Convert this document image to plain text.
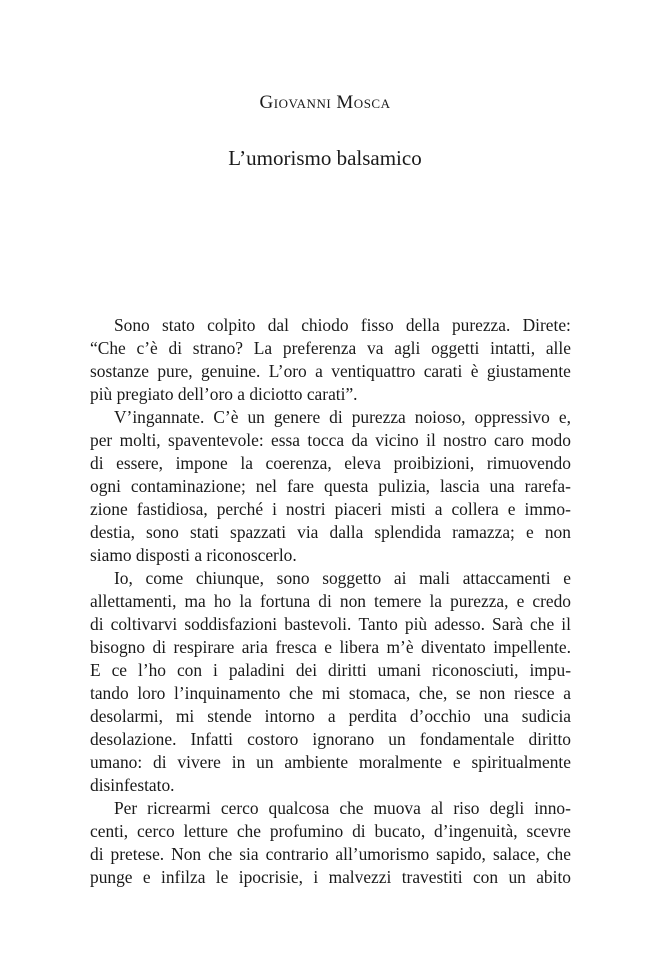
Giovanni Mosca
L’umorismo balsamico
Sono stato colpito dal chiodo fisso della purezza. Direte:
“Che c’è di strano? La preferenza va agli oggetti intatti, alle
sostanze pure, genuine. L’oro a ventiquattro carati è giustamente
più pregiato dell’oro a diciotto carati”.
V’ingannate. C’è un genere di purezza noioso, oppressivo e,
per molti, spaventevole: essa tocca da vicino il nostro caro modo
di essere, impone la coerenza, eleva proibizioni, rimuovendo
ogni contaminazione; nel fare questa pulizia, lascia una rarefa-
zione fastidiosa, perché i nostri piaceri misti a collera e immo-
destia, sono stati spazzati via dalla splendida ramazza; e non
siamo disposti a riconoscerlo.
Io, come chiunque, sono soggetto ai mali attaccamenti e
allettamenti, ma ho la fortuna di non temere la purezza, e credo
di coltivarvi soddisfazioni bastevoli. Tanto più adesso. Sarà che il
bisogno di respirare aria fresca e libera m’è diventato impellente.
E ce l’ho con i paladini dei diritti umani riconosciuti, impu-
tando loro l’inquinamento che mi stomaca, che, se non riesce a
desolarmi, mi stende intorno a perdita d’occhio una sudicia
desolazione. Infatti costoro ignorano un fondamentale diritto
umano: di vivere in un ambiente moralmente e spiritualmente
disinfestato.
Per ricrearmi cerco qualcosa che muova al riso degli inno-
centi, cerco letture che profumino di bucato, d’ingenuità, scevre
di pretese. Non che sia contrario all’umorismo sapido, salace, che
punge e infilza le ipocrisie, i malvezzi travestiti con un abito
